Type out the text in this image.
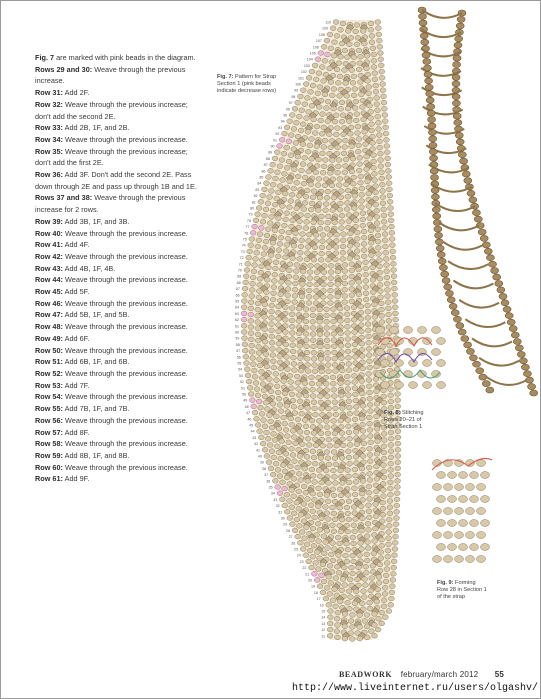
Fig. 7 are marked with pink beads in the diagram.

Rows 29 and 30: Weave through the previous increase.

Row 31: Add 2F.

Row 32: Weave through the previous increase; don't add the second 2E.

Row 33: Add 2B, 1F, and 2B.

Row 34: Weave through the previous increase.

Row 35: Weave through the previous increase; don't add the first 2E.

Row 36: Add 3F. Don't add the second 2E. Pass down through 2E and pass up through 1B and 1E.

Rows 37 and 38: Weave through the previous increase for 2 rows.

Row 39: Add 3B, 1F, and 3B.

Row 40: Weave through the previous increase.

Row 41: Add 4F.

Row 42: Weave through the previous increase.

Row 43: Add 4B, 1F, 4B.

Row 44: Weave through the previous increase.

Row 45: Add 5F.

Row 46: Weave through the previous increase.

Row 47: Add 5B, 1F, and 5B.

Row 48: Weave through the previous increase.

Row 49: Add 6F.

Row 50: Weave through the previous increase.

Row 51: Add 6B, 1F, and 6B.

Row 52: Weave through the previous increase.

Row 53: Add 7F.

Row 54: Weave through the previous increase.

Row 55: Add 7B, 1F, and 7B.

Row 56: Weave through the previous increase.

Row 57: Add 8F.

Row 58: Weave through the previous increase.

Row 59: Add 8B, 1F, and 8B.

Row 60: Weave through the previous increase.

Row 61: Add 9F.

110
109
108
107
106
105
104
103
102
101
100
99
98
97
96
95
94
93
92
91
90
89
88
87
86
85
84
83
82
81
80
79
78
77
76
75
74
73
72
71
70
69
68
67
66
65
64
63
62
61
60
59
58
57
56
55
54
53
52
51
50
49
48
47
46
45
44
43
42
41
40
39
38
37
36
35
34
33
32
31
30
29
28
27
26
25
24
23
22
21
20
19
18
17
16
15
14
13
12
11
Fig. 7: Pattern for Strap Section 1 (pink beads indicate decrease rows)
Fig. 8: Stitching Rows 20–21 of Strap Section 1
Fig. 9: Forming Row 28 in Section 1 of the strap
BEADWORK february/march 2012 55
http://www.liveinternet.ru/users/olgashv/
